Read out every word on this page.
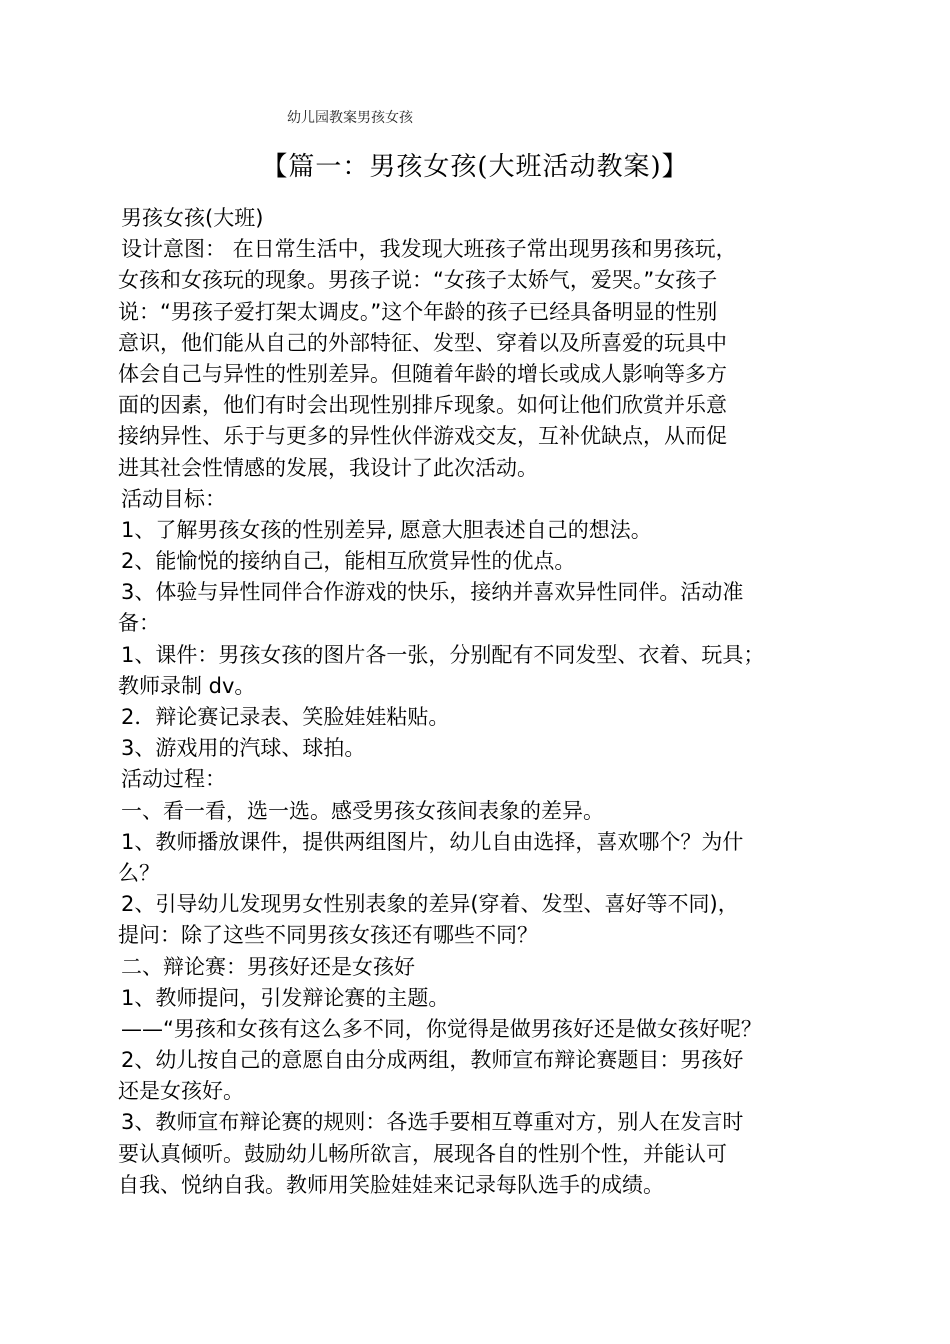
幼儿园教案男孩女孩
【篇一：男孩女孩(大班活动教案)】
男孩女孩(大班)
设计意图： 在日常生活中，我发现大班孩子常出现男孩和男孩玩，
女孩和女孩玩的现象。男孩子说：“女孩子太娇气，爱哭。”女孩子
说：“男孩子爱打架太调皮。”这个年龄的孩子已经具备明显的性别
意识，他们能从自己的外部特征、发型、穿着以及所喜爱的玩具中
体会自己与异性的性别差异。但随着年龄的增长或成人影响等多方
面的因素，他们有时会出现性别排斥现象。如何让他们欣赏并乐意
接纳异性、乐于与更多的异性伙伴游戏交友，互补优缺点，从而促
进其社会性情感的发展，我设计了此次活动。
活动目标：
1、了解男孩女孩的性别差异, 愿意大胆表述自己的想法。
2、能愉悦的接纳自己，能相互欣赏异性的优点。
3、体验与异性同伴合作游戏的快乐，接纳并喜欢异性同伴。活动准
备：
1、课件：男孩女孩的图片各一张，分别配有不同发型、衣着、玩具；
教师录制 dv。
2．辩论赛记录表、笑脸娃娃粘贴。
3、游戏用的汽球、球拍。
活动过程：
一、看一看，选一选。感受男孩女孩间表象的差异。
1、教师播放课件，提供两组图片，幼儿自由选择，喜欢哪个？为什
么？
2、引导幼儿发现男女性别表象的差异(穿着、发型、喜好等不同)，
提问：除了这些不同男孩女孩还有哪些不同？
二、辩论赛：男孩好还是女孩好
1、教师提问，引发辩论赛的主题。
——“男孩和女孩有这么多不同，你觉得是做男孩好还是做女孩好呢？
2、幼儿按自己的意愿自由分成两组，教师宣布辩论赛题目：男孩好
还是女孩好。
3、教师宣布辩论赛的规则：各选手要相互尊重对方，别人在发言时
要认真倾听。鼓励幼儿畅所欲言，展现各自的性别个性，并能认可
自我、悦纳自我。教师用笑脸娃娃来记录每队选手的成绩。
